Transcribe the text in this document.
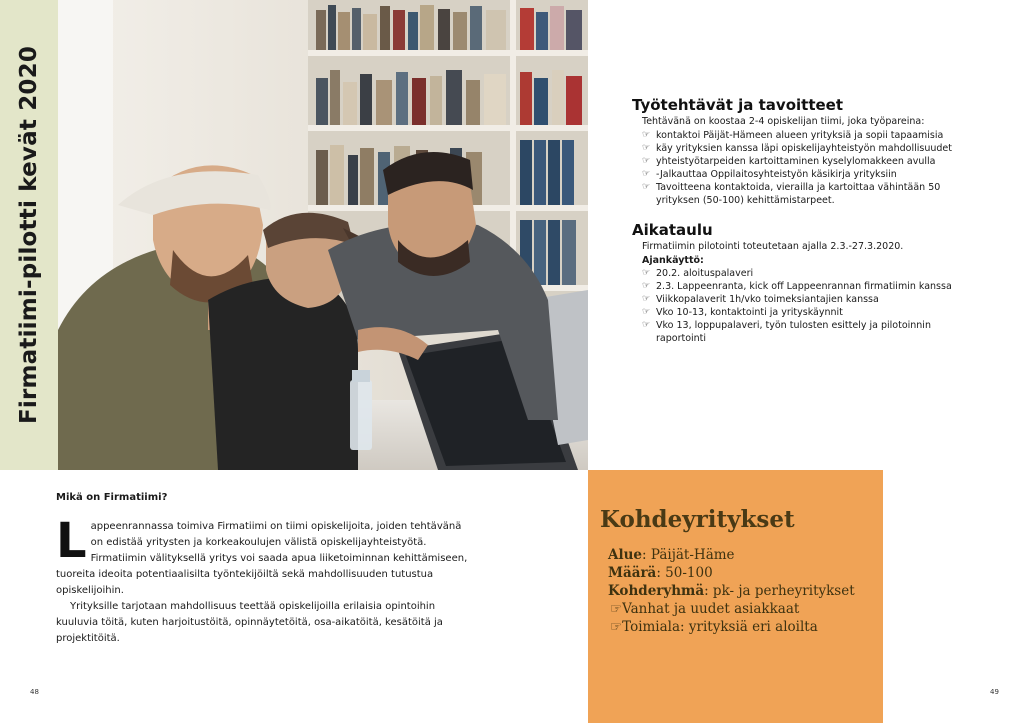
Firmatiimi-pilotti kevät 2020	Työtehtävät ja tavoitteet
Tehtävänä on koostaa 2-4 opiskelijan tiimi, joka työpareina:
☞ kontaktoi Päijät-Hämeen alueen yrityksiä ja sopii tapaamisia
☞ käy yrityksien kanssa läpi opiskelijayhteistyön mahdollisuudet
☞ yhteistyötarpeiden kartoittaminen kyselylomakkeen avulla
☞ -Jalkauttaa Oppilaitosyhteistyön käsikirja yrityksiin
☞ Tavoitteena kontaktoida, vierailla ja kartoittaa vähintään 50 yrityksen (50-100) kehittämistarpeet.
Aikataulu
Firmatiimin pilotointi toteutetaan ajalla 2.3.-27.3.2020.
Ajankäyttö:
☞ 20.2. aloituspalaveri
☞ 2.3. Lappeenranta, kick off Lappeenrannan firmatiimin kanssa
☞ Viikkopalaverit 1h/vko toimeksiantajien kanssa
☞ Vko 10-13, kontaktointi ja yrityskäynnit
☞ Vko 13, loppupalaveri, työn tulosten esittely ja pilotoinnin raportointi
Mikä on Firmatiimi?

Lappeenrannassa toimiva Firmatiimi on tiimi opiskelijoita, joiden tehtävänä on edistää yritysten ja korkeakoulujen välistä opiskelijayhteistyötä. Firmatiimin välityksellä yritys voi saada apua liiketoiminnan kehittämiseen, tuoreita ideoita potentiaalisilta työntekijöiltä sekä mahdollisuuden tutustua opiskelijoihin.

Yrityksille tarjotaan mahdollisuus teettää opiskelijoilla erilaisia opintoihin kuuluvia töitä, kuten harjoitustöitä, opinnäytetöitä, osa-aikatöitä, kesätöitä ja projektitöitä.

Kohdeyritykset
Alue: Päijät-Häme
Määrä: 50-100
Kohderyhmä: pk- ja perheyritykset
☞Vanhat ja uudet asiakkaat
☞Toimiala: yrityksiä eri aloilta
48	49
